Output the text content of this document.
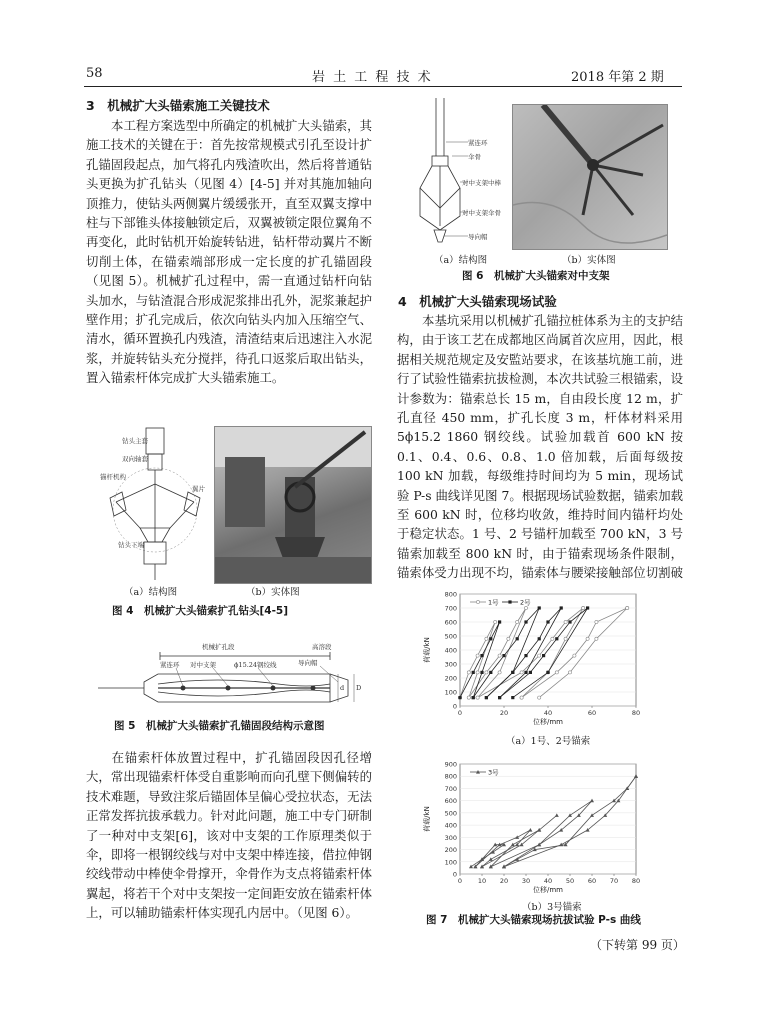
58	岩 土 工 程 技 术	2018 年第 2 期
3　机械扩大头锚索施工关键技术

本工程方案选型中所确定的机械扩大头锚索，其施工技术的关键在于：首先按常规模式引孔至设计扩孔锚固段起点，加气将孔内残渣吹出，然后将普通钻头更换为扩孔钻头（见图 4）[4-5] 并对其施加轴向顶推力，使钻头两侧翼片缓缓张开，直至双翼支撑中柱与下部锥头体接触锁定后，双翼被锁定限位翼角不再变化，此时钻机开始旋转钻进，钻杆带动翼片不断切削土体，在锚索端部形成一定长度的扩孔锚固段（见图 5）。机械扩孔过程中，需一直通过钻杆向钻头加水，与钻渣混合形成泥浆排出孔外，泥浆兼起护壁作用；扩孔完成后，依次向钻头内加入压缩空气、清水，循环置换孔内残渣，清渣结束后迅速注入水泥浆，并旋转钻头充分搅拌，待孔口返浆后取出钻头，置入锚索杆体完成扩大头锚索施工。

钻头主套
双向轴套
锚杆机构
翼片
钻头下端
（a）结构图	（b）实体图
图 4　机械扩大头锚索扩孔钻头[4-5]
机械扩孔段	高溶段
紧连环 对中支架	ϕ15.24钢绞线	导向帽
d D
图 5　机械扩大头锚索扩孔锚固段结构示意图

在锚索杆体放置过程中，扩孔锚固段因孔径增大，常出现锚索杆体受自重影响而向孔壁下侧偏转的技术难题，导致注浆后锚固体呈偏心受拉状态，无法正常发挥抗拔承载力。针对此问题，施工中专门研制了一种对中支架[6]，该对中支架的工作原理类似于伞，即将一根钢绞线与对中支架中棒连接，借拉伸钢绞线带动中棒使伞骨撑开，伞骨作为支点将锚索杆体翼起，将若干个对中支架按一定间距安放在锚索杆体上，可以辅助锚索杆体实现孔内居中。（见图 6）。

紧连环
伞骨
对中支架中棒
对中支架伞骨
导向帽
（a）结构图	（b）实体图
图 6　机械扩大头锚索对中支架
4　机械扩大头锚索现场试验

本基坑采用以机械扩孔锚拉桩体系为主的支护结构，由于该工艺在成都地区尚属首次应用，因此，根据相关规范规定及安監站要求，在该基坑施工前，进行了试验性锚索抗拔检测，本次共试验三根锚索，设计参数为：锚索总长 15 m，自由段长度 12 m，扩孔直径 450 mm，扩孔长度 3 m，杆体材料采用 5ϕ15.2 1860 钢绞线。试验加载首 600 kN 按 0.1、0.4、0.6、0.8、1.0 倍加载，后面每级按 100 kN 加载，每级维持时间均为 5 min，现场试验 P-s 曲线详见图 7。根据现场试验数据，锚索加载至 600 kN 时，位移均收敛，维持时间内锚杆均处于稳定状态。1 号、2 号锚杆加载至 700 kN，3 号锚索加载至 800 kN 时，由于锚索现场条件限制，锚索体受力出现不均，锚索体与腰梁接触部位切割破

0
100
200
300
400
500
600
700
800
0	20	40	60	80
位移/mm
荷载/kN
1号	2号
（a）1号、2号锚索
0
100
200
300
400
500
600
700
800
900
0 10 20 30 40 50 60 70 80
位移/mm
荷载/kN
3号
（b）3号锚索
图 7　机械扩大头锚索现场抗拔试验 P-s 曲线
（下转第 99 页）
